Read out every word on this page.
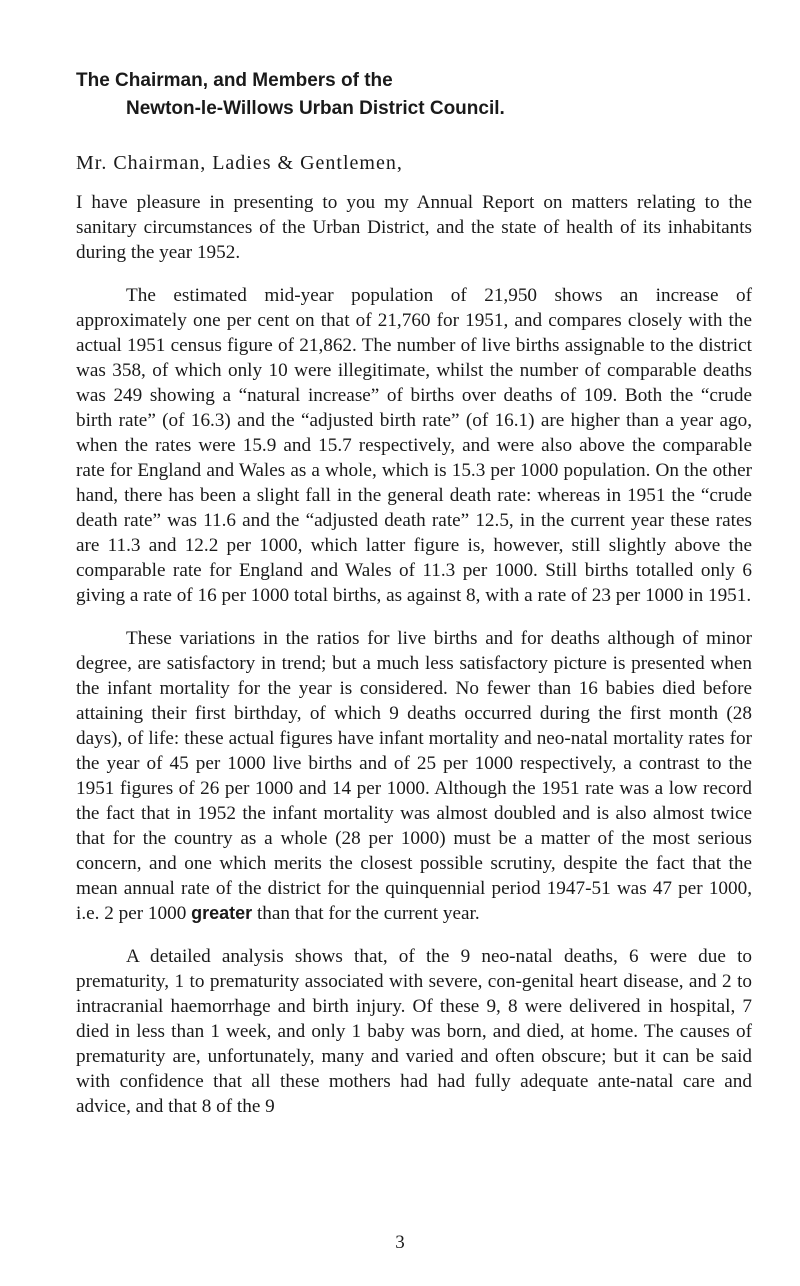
The Chairman, and Members of the

Newton-le-Willows Urban District Council.

Mr. Chairman, Ladies & Gentlemen,

I have pleasure in presenting to you my Annual Report on matters relating to the sanitary circumstances of the Urban District, and the state of health of its inhabitants during the year 1952.

The estimated mid-year population of 21,950 shows an increase of approximately one per cent on that of 21,760 for 1951, and compares closely with the actual 1951 census figure of 21,862. The number of live births assignable to the district was 358, of which only 10 were illegitimate, whilst the number of comparable deaths was 249 showing a “natural increase” of births over deaths of 109. Both the “crude birth rate” (of 16.3) and the “adjusted birth rate” (of 16.1) are higher than a year ago, when the rates were 15.9 and 15.7 respectively, and were also above the comparable rate for England and Wales as a whole, which is 15.3 per 1000 population. On the other hand, there has been a slight fall in the general death rate: whereas in 1951 the “crude death rate” was 11.6 and the “adjusted death rate” 12.5, in the current year these rates are 11.3 and 12.2 per 1000, which latter figure is, however, still slightly above the comparable rate for England and Wales of 11.3 per 1000. Still births totalled only 6 giving a rate of 16 per 1000 total births, as against 8, with a rate of 23 per 1000 in 1951.

These variations in the ratios for live births and for deaths although of minor degree, are satisfactory in trend; but a much less satisfactory picture is presented when the infant mortality for the year is considered. No fewer than 16 babies died before attaining their first birthday, of which 9 deaths occurred during the first month (28 days), of life: these actual figures have infant mortality and neo-natal mortality rates for the year of 45 per 1000 live births and of 25 per 1000 respectively, a contrast to the 1951 figures of 26 per 1000 and 14 per 1000. Although the 1951 rate was a low record the fact that in 1952 the infant mortality was almost doubled and is also almost twice that for the country as a whole (28 per 1000) must be a matter of the most serious concern, and one which merits the closest possible scrutiny, despite the fact that the mean annual rate of the district for the quinquennial period 1947-51 was 47 per 1000, i.e. 2 per 1000 greater than that for the current year.

A detailed analysis shows that, of the 9 neo-natal deaths, 6 were due to prematurity, 1 to prematurity associated with severe, con-genital heart disease, and 2 to intracranial haemorrhage and birth injury. Of these 9, 8 were delivered in hospital, 7 died in less than 1 week, and only 1 baby was born, and died, at home. The causes of prematurity are, unfortunately, many and varied and often obscure; but it can be said with confidence that all these mothers had had fully adequate ante-natal care and advice, and that 8 of the 9

3
